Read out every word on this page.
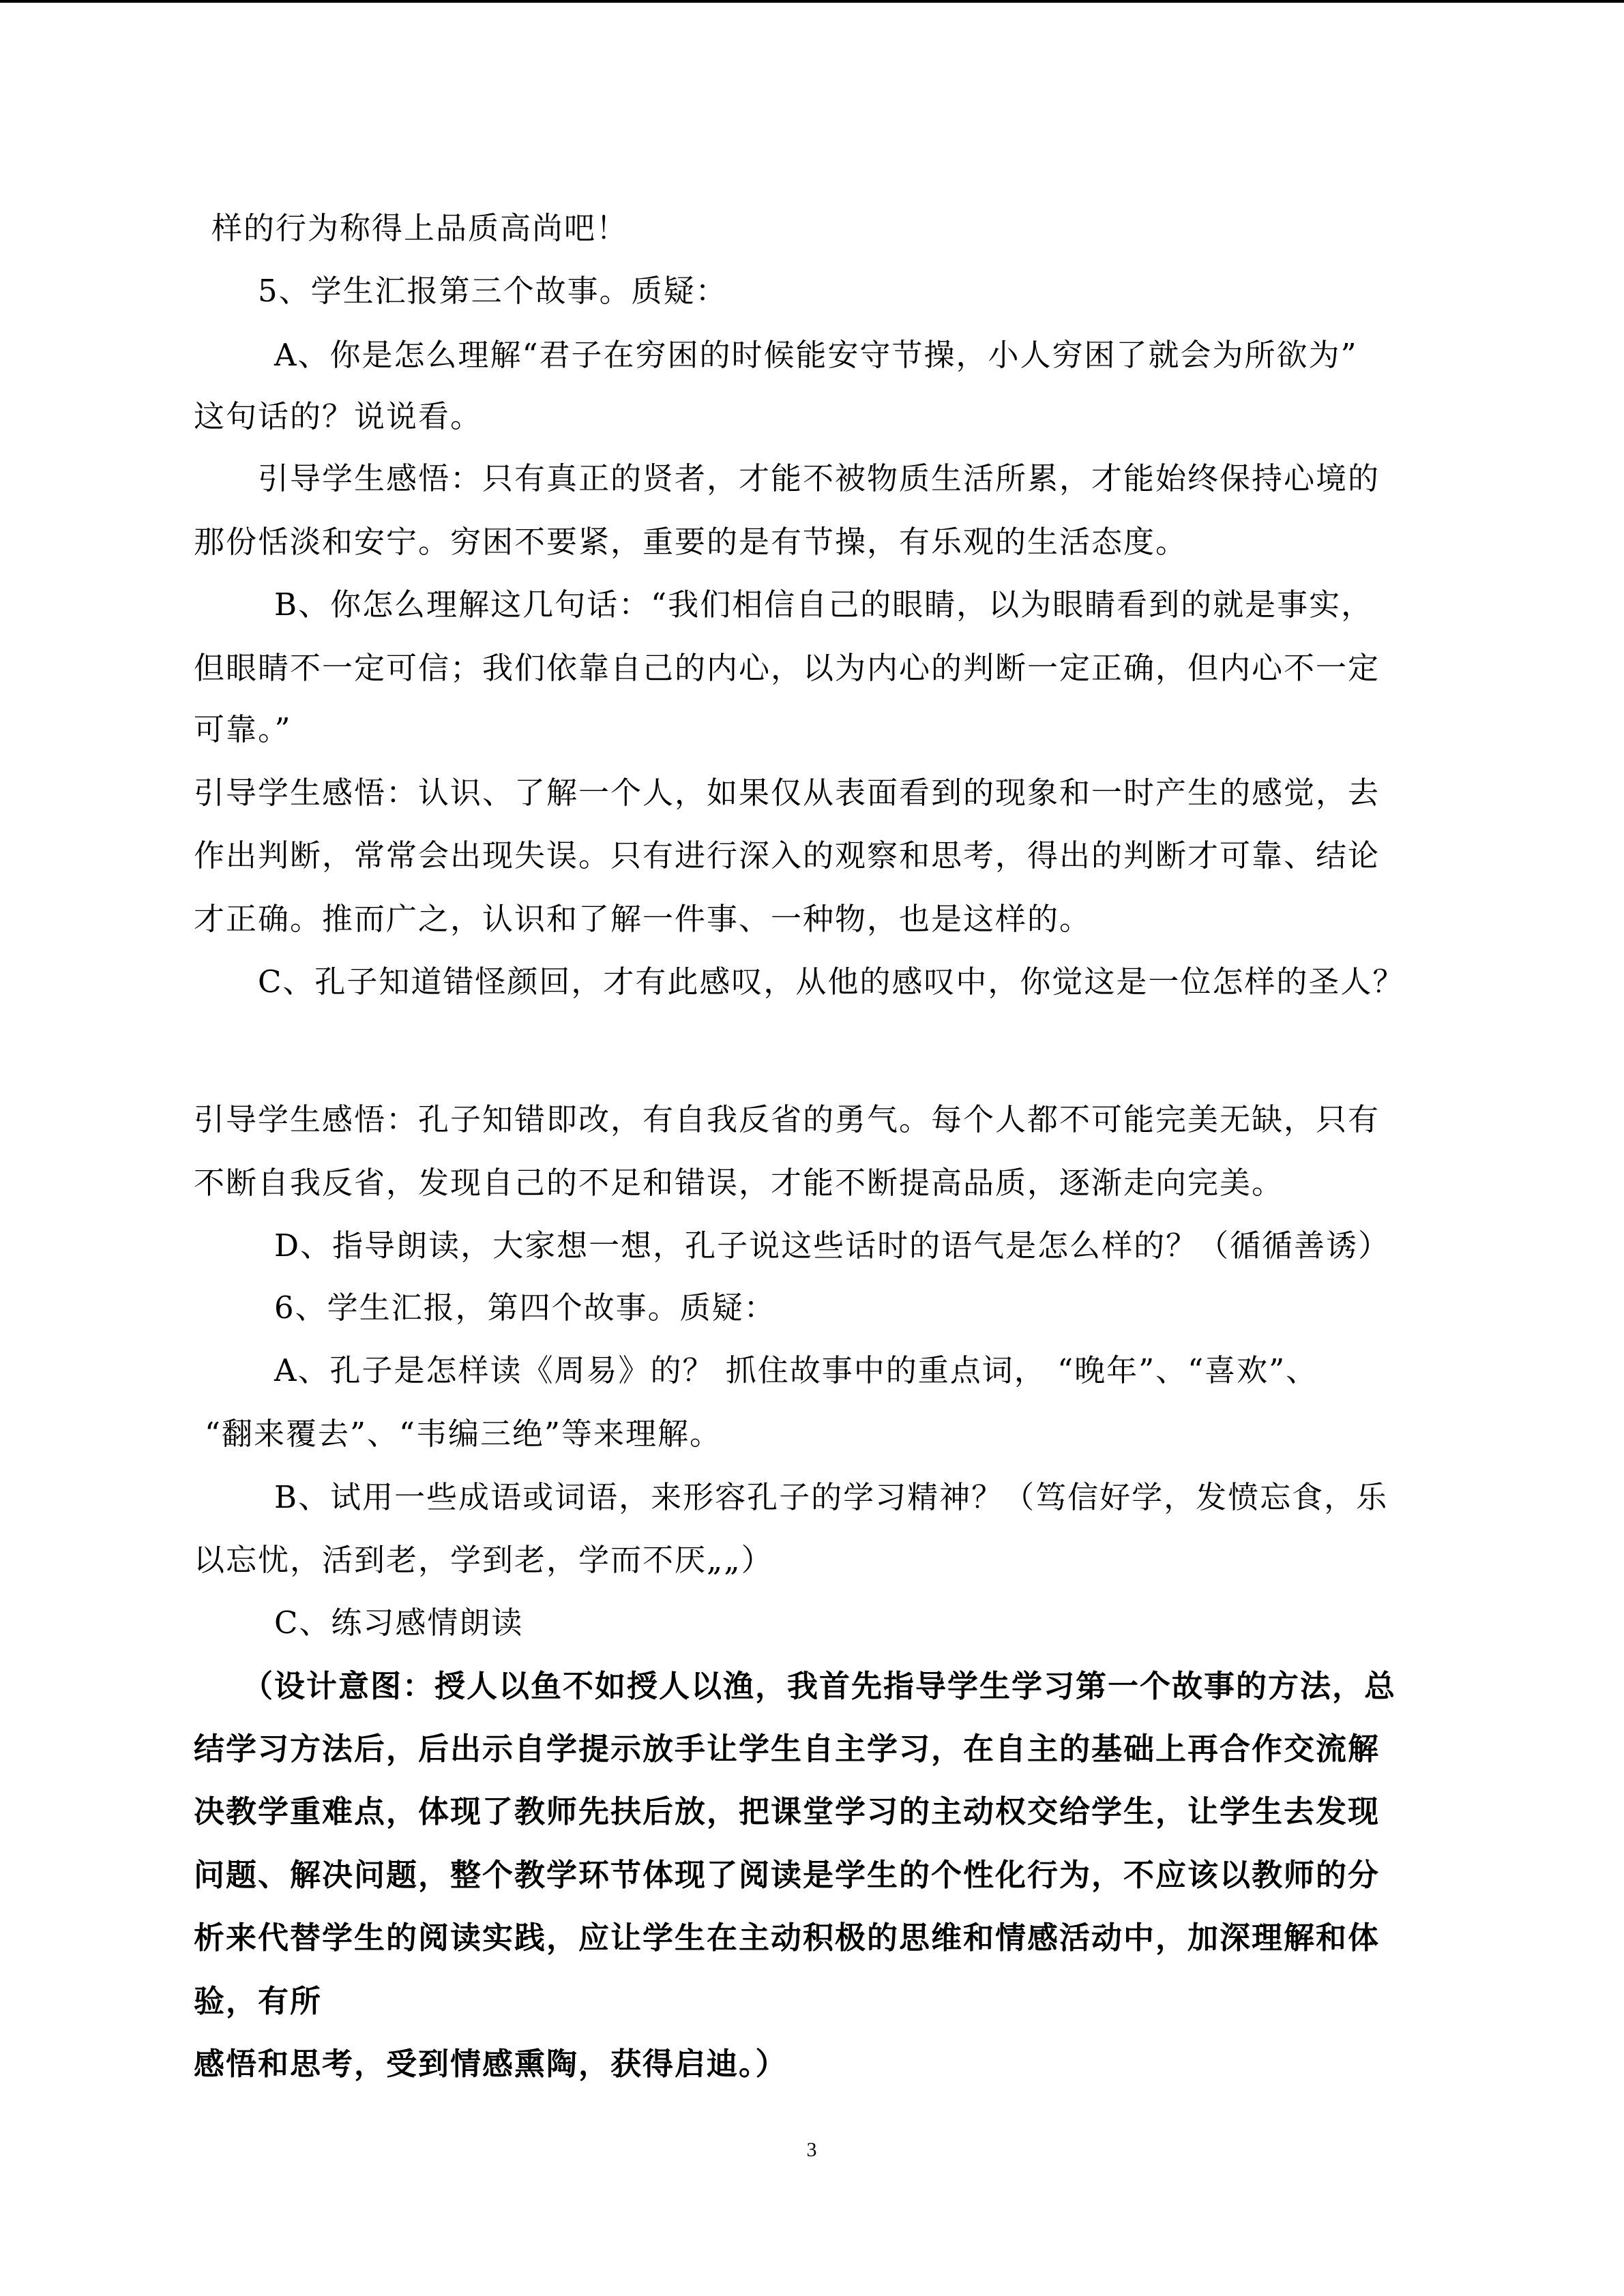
样的行为称得上品质高尚吧！

5、学生汇报第三个故事。质疑：

A、你是怎么理解“君子在穷困的时候能安守节操，小人穷困了就会为所欲为”

这句话的？说说看。

引导学生感悟：只有真正的贤者，才能不被物质生活所累，才能始终保持心境的

那份恬淡和安宁。穷困不要紧，重要的是有节操，有乐观的生活态度。

B、你怎么理解这几句话：“我们相信自己的眼睛，以为眼睛看到的就是事实，

但眼睛不一定可信；我们依靠自己的内心，以为内心的判断一定正确，但内心不一定

可靠。”

引导学生感悟：认识、了解一个人，如果仅从表面看到的现象和一时产生的感觉，去

作出判断，常常会出现失误。只有进行深入的观察和思考，得出的判断才可靠、结论

才正确。推而广之，认识和了解一件事、一种物，也是这样的。

C、孔子知道错怪颜回，才有此感叹，从他的感叹中，你觉这是一位怎样的圣人？

引导学生感悟：孔子知错即改，有自我反省的勇气。每个人都不可能完美无缺，只有

不断自我反省，发现自己的不足和错误，才能不断提高品质，逐渐走向完美。

D、指导朗读，大家想一想，孔子说这些话时的语气是怎么样的？（循循善诱）

6、学生汇报，第四个故事。质疑：

A、孔子是怎样读《周易》的？ 抓住故事中的重点词， “晚年”、“喜欢”、

“翻来覆去”、“韦编三绝”等来理解。

B、试用一些成语或词语，来形容孔子的学习精神？（笃信好学，发愤忘食，乐

以忘忧，活到老，学到老，学而不厌„„）

C、练习感情朗读

（设计意图：授人以鱼不如授人以渔，我首先指导学生学习第一个故事的方法，总

结学习方法后，后出示自学提示放手让学生自主学习，在自主的基础上再合作交流解

决教学重难点，体现了教师先扶后放，把课堂学习的主动权交给学生，让学生去发现

问题、解决问题，整个教学环节体现了阅读是学生的个性化行为，不应该以教师的分

析来代替学生的阅读实践，应让学生在主动积极的思维和情感活动中，加深理解和体

验，有所

感悟和思考，受到情感熏陶，获得启迪。）

3
